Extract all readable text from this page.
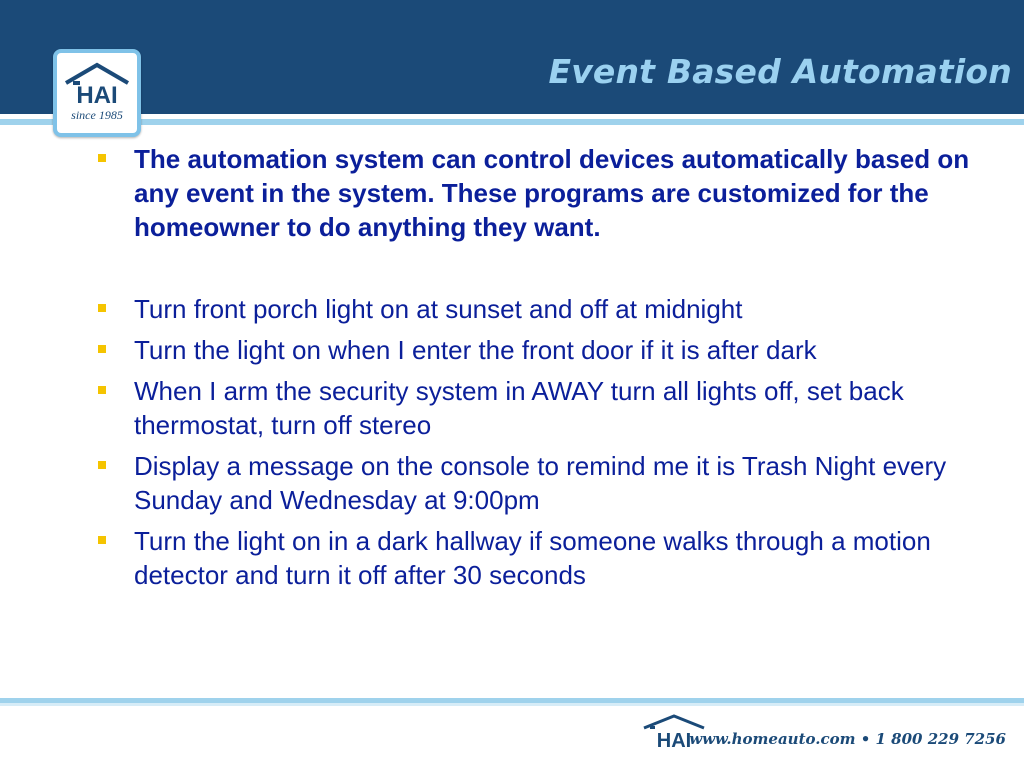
Event Based Automation
HAI
since 1985
The automation system can control devices automatically based on any event in the system. These programs are customized for the homeowner to do anything they want.
Turn front porch light on at sunset and off at midnight
Turn the light on when I enter the front door if it is after dark
When I arm the security system in AWAY turn all lights off, set back thermostat, turn off stereo
Display a message on the console to remind me it is Trash Night every Sunday and Wednesday at 9:00pm
Turn the light on in a dark hallway if someone walks through a motion detector and turn it off after 30 seconds
HAI
www.homeauto.com • 1 800 229 7256
